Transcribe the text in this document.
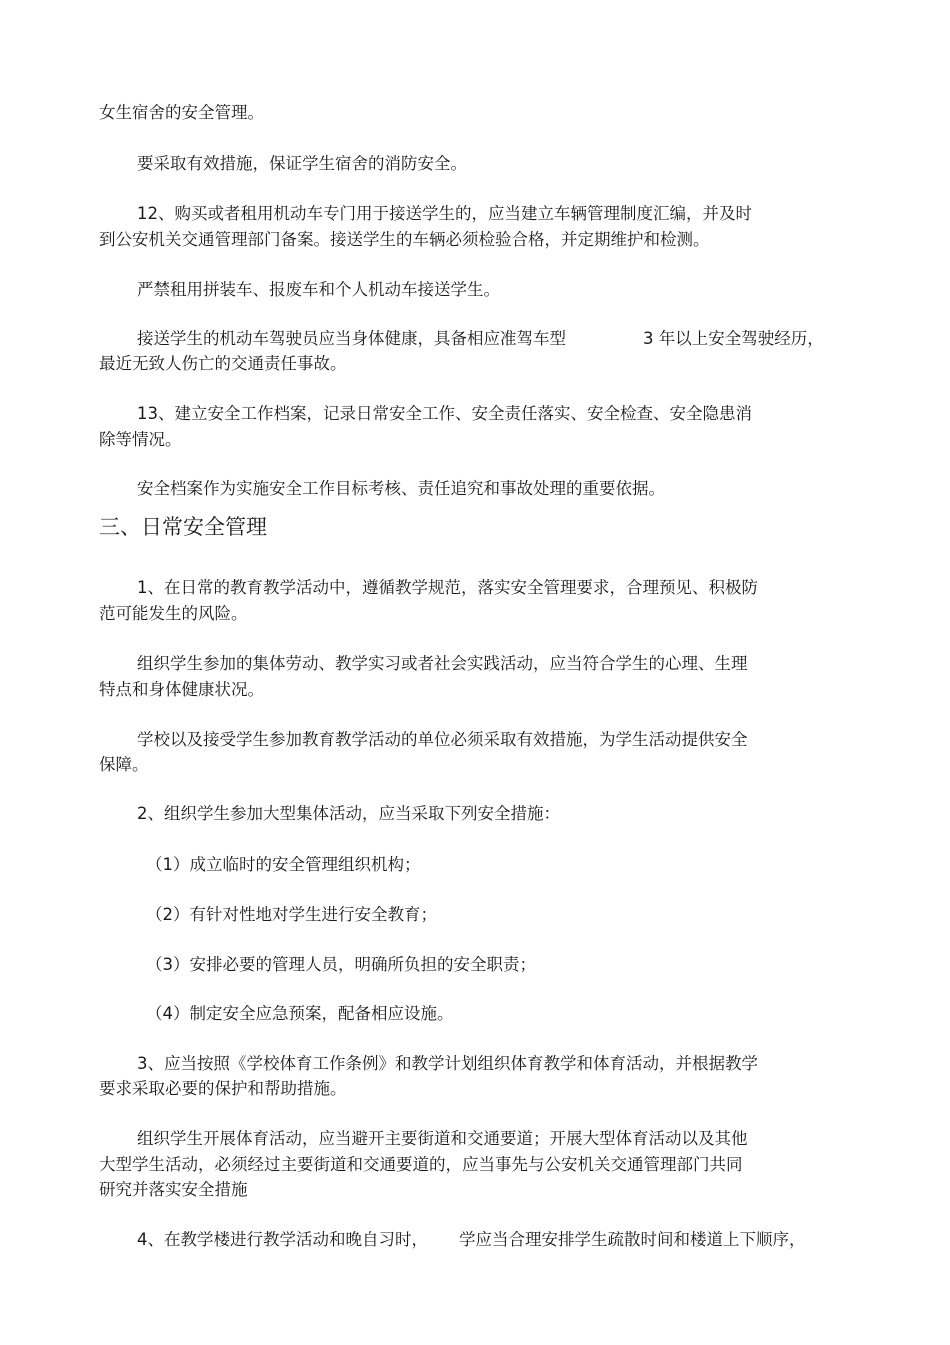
女生宿舍的安全管理。

要采取有效措施，保证学生宿舍的消防安全。

12、购买或者租用机动车专门用于接送学生的，应当建立车辆管理制度汇编，并及时

到公安机关交通管理部门备案。接送学生的车辆必须检验合格，并定期维护和检测。

严禁租用拼装车、报废车和个人机动车接送学生。

接送学生的机动车驾驶员应当身体健康，具备相应准驾车型	3 年以上安全驾驶经历，

最近无致人伤亡的交通责任事故。

13、建立安全工作档案，记录日常安全工作、安全责任落实、安全检查、安全隐患消

除等情况。

安全档案作为实施安全工作目标考核、责任追究和事故处理的重要依据。

三、日常安全管理

1、在日常的教育教学活动中，遵循教学规范，落实安全管理要求，合理预见、积极防

范可能发生的风险。

组织学生参加的集体劳动、教学实习或者社会实践活动，应当符合学生的心理、生理

特点和身体健康状况。

学校以及接受学生参加教育教学活动的单位必须采取有效措施，为学生活动提供安全

保障。

2、组织学生参加大型集体活动，应当采取下列安全措施：

（1）成立临时的安全管理组织机构；

（2）有针对性地对学生进行安全教育；

（3）安排必要的管理人员，明确所负担的安全职责；

（4）制定安全应急预案，配备相应设施。

3、应当按照《学校体育工作条例》和教学计划组织体育教学和体育活动，并根据教学

要求采取必要的保护和帮助措施。

组织学生开展体育活动，应当避开主要街道和交通要道；开展大型体育活动以及其他

大型学生活动，必须经过主要街道和交通要道的，应当事先与公安机关交通管理部门共同

研究并落实安全措施

4、在教学楼进行教学活动和晚自习时， 学应当合理安排学生疏散时间和楼道上下顺序，
